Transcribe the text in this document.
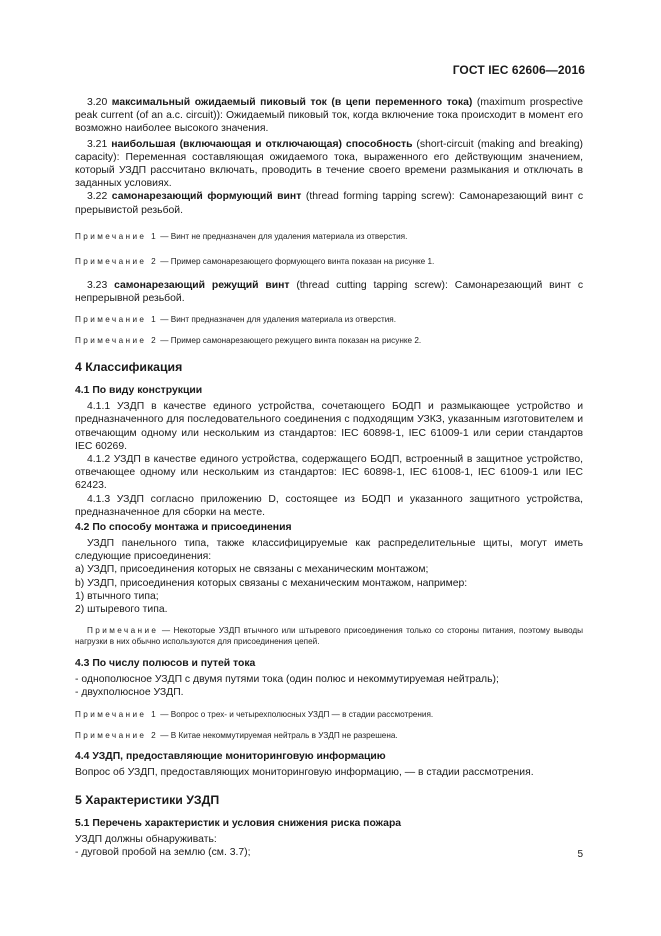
ГОСТ IEC 62606—2016

3.20 максимальный ожидаемый пиковый ток (в цепи переменного тока) (maximum prospective peak current (of an a.c. circuit)): Ожидаемый пиковый ток, когда включение тока происходит в момент его возможно наиболее высокого значения.

3.21 наибольшая (включающая и отключающая) способность (short-circuit (making and breaking) capacity): Переменная составляющая ожидаемого тока, выраженного его действующим значением, который УЗДП рассчитано включать, проводить в течение своего времени размыкания и отключать в заданных условиях.

3.22 самонарезающий формующий винт (thread forming tapping screw): Самонарезающий винт с прерывистой резьбой.

Примечание 1 — Винт не предназначен для удаления материала из отверстия.

Примечание 2 — Пример самонарезающего формующего винта показан на рисунке 1.

3.23 самонарезающий режущий винт (thread cutting tapping screw): Самонарезающий винт с непрерывной резьбой.

Примечание 1 — Винт предназначен для удаления материала из отверстия.

Примечание 2 — Пример самонарезающего режущего винта показан на рисунке 2.

4 Классификация
4.1 По виду конструкции

4.1.1 УЗДП в качестве единого устройства, сочетающего БОДП и размыкающее устройство и предназначенного для последовательного соединения с подходящим УЗКЗ, указанным изготовителем и отвечающим одному или нескольким из стандартов: IEC 60898-1, IEC 61009-1 или серии стандартов IEC 60269.

4.1.2 УЗДП в качестве единого устройства, содержащего БОДП, встроенный в защитное устройство, отвечающее одному или нескольким из стандартов: IEC 60898-1, IEC 61008-1, IEC 61009-1 или IEC 62423.

4.1.3 УЗДП согласно приложению D, состоящее из БОДП и указанного защитного устройства, предназначенное для сборки на месте.

4.2 По способу монтажа и присоединения

УЗДП панельного типа, также классифицируемые как распределительные щиты, могут иметь следующие присоединения:

а) УЗДП, присоединения которых не связаны с механическим монтажом;

b) УЗДП, присоединения которых связаны с механическим монтажом, например:

1) втычного типа;

2) штыревого типа.

Примечание — Некоторые УЗДП втычного или штыревого присоединения только со стороны питания, поэтому выводы нагрузки в них обычно используются для присоединения цепей.

4.3 По числу полюсов и путей тока

- однополюсное УЗДП с двумя путями тока (один полюс и некоммутируемая нейтраль);

- двухполюсное УЗДП.

Примечание 1 — Вопрос о трех- и четырехполюсных УЗДП — в стадии рассмотрения.

Примечание 2 — В Китае некоммутируемая нейтраль в УЗДП не разрешена.

4.4 УЗДП, предоставляющие мониторинговую информацию

Вопрос об УЗДП, предоставляющих мониторинговую информацию, — в стадии рассмотрения.

5 Характеристики УЗДП
5.1 Перечень характеристик и условия снижения риска пожара

УЗДП должны обнаруживать:

- дуговой пробой на землю (см. 3.7);	5
